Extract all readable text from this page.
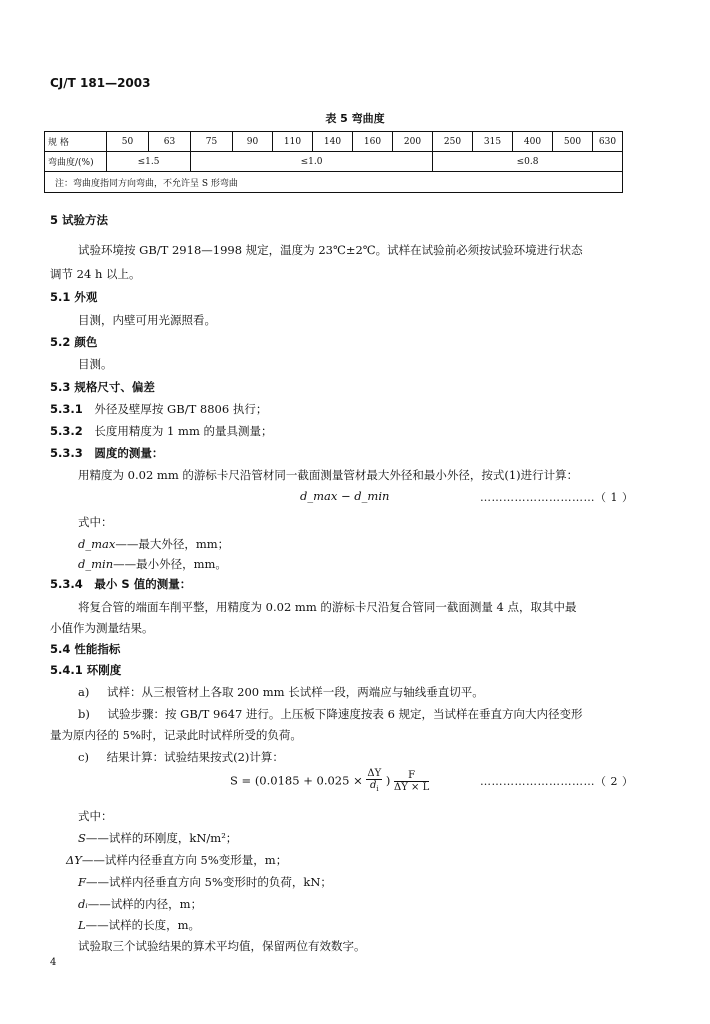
CJ/T 181—2003
表 5 弯曲度
规 格	50	63	75	90	110	140	160	200	250	315	400	500	630
弯曲度/(%)	≤1.5		≤1.0						≤0.8				
注：弯曲度指同方向弯曲，不允许呈 S 形弯曲													
5 试验方法
试验环境按 GB/T 2918—1998 规定，温度为 23℃±2℃。试样在试验前必须按试验环境进行状态
调节 24 h 以上。
5.1 外观
目测，内壁可用光源照看。
5.2 颜色
目测。
5.3 规格尺寸、偏差
5.3.1 外径及壁厚按 GB/T 8806 执行；
5.3.2 长度用精度为 1 mm 的量具测量；
5.3.3 圆度的测量：
用精度为 0.02 mm 的游标卡尺沿管材同一截面测量管材最大外径和最小外径，按式(1)进行计算：
d_max − d_min	…………………………（ 1 ）
式中：
d_max——最大外径，mm；
d_min——最小外径，mm。
5.3.4 最小 S 值的测量：
将复合管的端面车削平整，用精度为 0.02 mm 的游标卡尺沿复合管同一截面测量 4 点，取其中最
小值作为测量结果。
5.4 性能指标
5.4.1 环刚度
a) 试样：从三根管材上各取 200 mm 长试样一段，两端应与轴线垂直切平。
b) 试验步骤：按 GB/T 9647 进行。上压板下降速度按表 6 规定，当试样在垂直方向大内径变形
量为原内径的 5%时，记录此时试样所受的负荷。
c) 结果计算：试验结果按式(2)计算：
$S = (0.0185 + 0.025 \times \frac{\Delta Y}{d_i}$ ) $\frac{F}{\Delta Y \times L}$	…………………………（ 2 ）
式中：
S——试样的环刚度，kN/m²；
ΔY——试样内径垂直方向 5%变形量，m；
F——试样内径垂直方向 5%变形时的负荷，kN；
dᵢ——试样的内径，m；
L——试样的长度，m。
试验取三个试验结果的算术平均值，保留两位有效数字。
4
